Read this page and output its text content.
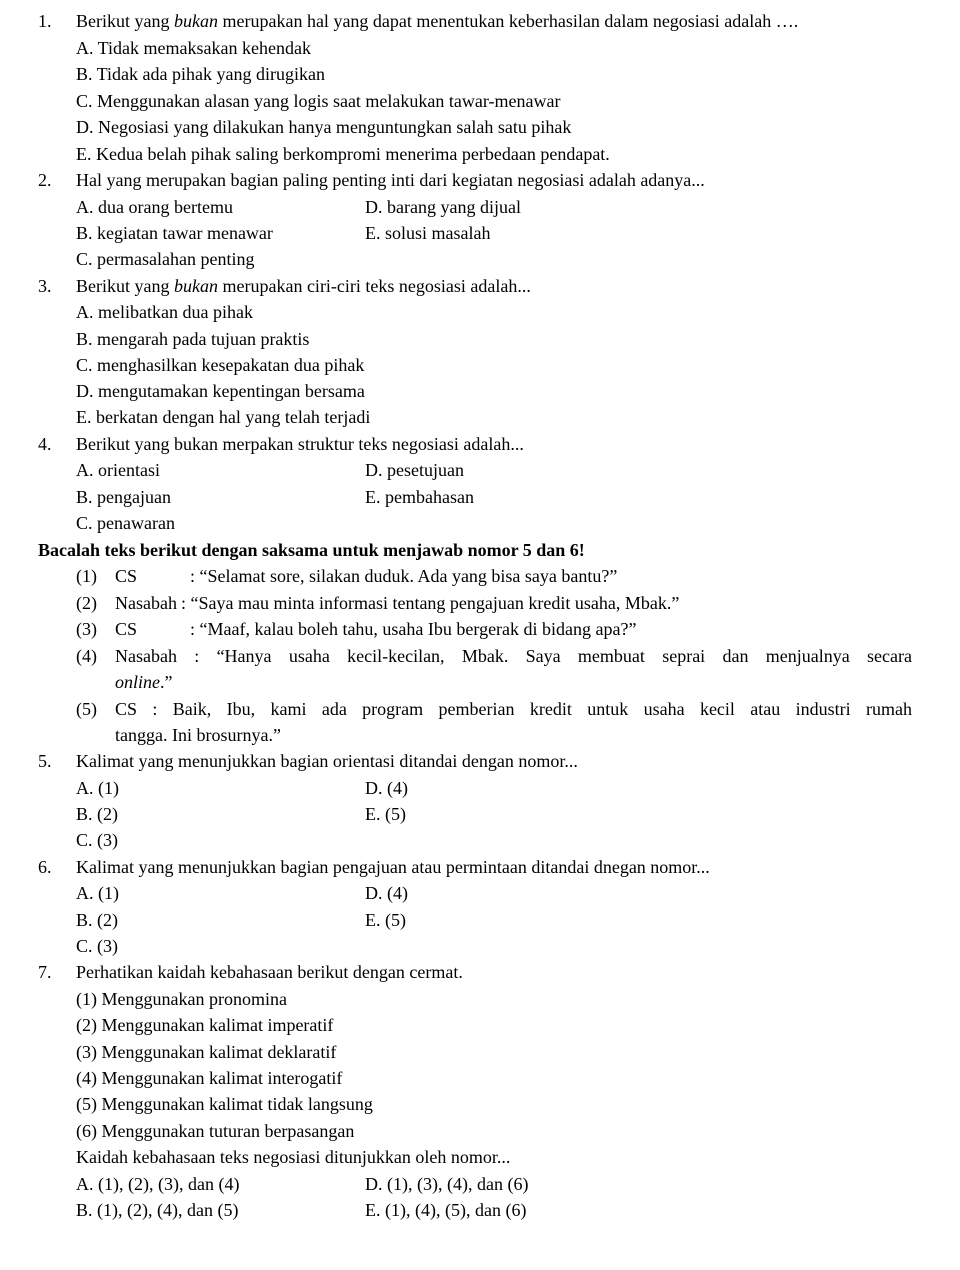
1. Berikut yang bukan merupakan hal yang dapat menentukan keberhasilan dalam negosiasi adalah ….
A. Tidak memaksakan kehendak
B. Tidak ada pihak yang dirugikan
C. Menggunakan alasan yang logis saat melakukan tawar-menawar
D. Negosiasi yang dilakukan hanya menguntungkan salah satu pihak
E. Kedua belah pihak saling berkompromi menerima perbedaan pendapat.
2. Hal yang merupakan bagian paling penting inti dari kegiatan negosiasi adalah adanya...
A. dua orang bertemu	D. barang yang dijual
B. kegiatan tawar menawar	E. solusi masalah
C. permasalahan penting
3. Berikut yang bukan merupakan ciri-ciri teks negosiasi adalah...
A. melibatkan dua pihak
B. mengarah pada tujuan praktis
C. menghasilkan kesepakatan dua pihak
D. mengutamakan kepentingan bersama
E. berkatan dengan hal yang telah terjadi
4. Berikut yang bukan merpakan struktur teks negosiasi adalah...
A. orientasi	D. pesetujuan
B. pengajuan	E. pembahasan
C. penawaran
Bacalah teks berikut dengan saksama untuk menjawab nomor 5 dan 6!
(1) CS	: “Selamat sore, silakan duduk. Ada yang bisa saya bantu?”
(2) Nasabah : “Saya mau minta informasi tentang pengajuan kredit usaha, Mbak.”
(3) CS	: “Maaf, kalau boleh tahu, usaha Ibu bergerak di bidang apa?”
(4) Nasabah : “Hanya usaha kecil-kecilan, Mbak. Saya membuat seprai dan menjualnya secara
online.”
(5) CS : Baik, Ibu, kami ada program pemberian kredit untuk usaha kecil atau industri rumah
tangga. Ini brosurnya.”
5. Kalimat yang menunjukkan bagian orientasi ditandai dengan nomor...
A. (1)	D. (4)
B. (2)	E. (5)
C. (3)
6. Kalimat yang menunjukkan bagian pengajuan atau permintaan ditandai dnegan nomor...
A. (1)	D. (4)
B. (2)	E. (5)
C. (3)
7. Perhatikan kaidah kebahasaan berikut dengan cermat.
(1) Menggunakan pronomina
(2) Menggunakan kalimat imperatif
(3) Menggunakan kalimat deklaratif
(4) Menggunakan kalimat interogatif
(5) Menggunakan kalimat tidak langsung
(6) Menggunakan tuturan berpasangan
Kaidah kebahasaan teks negosiasi ditunjukkan oleh nomor...
A. (1), (2), (3), dan (4)	D. (1), (3), (4), dan (6)
B. (1), (2), (4), dan (5)	E. (1), (4), (5), dan (6)
